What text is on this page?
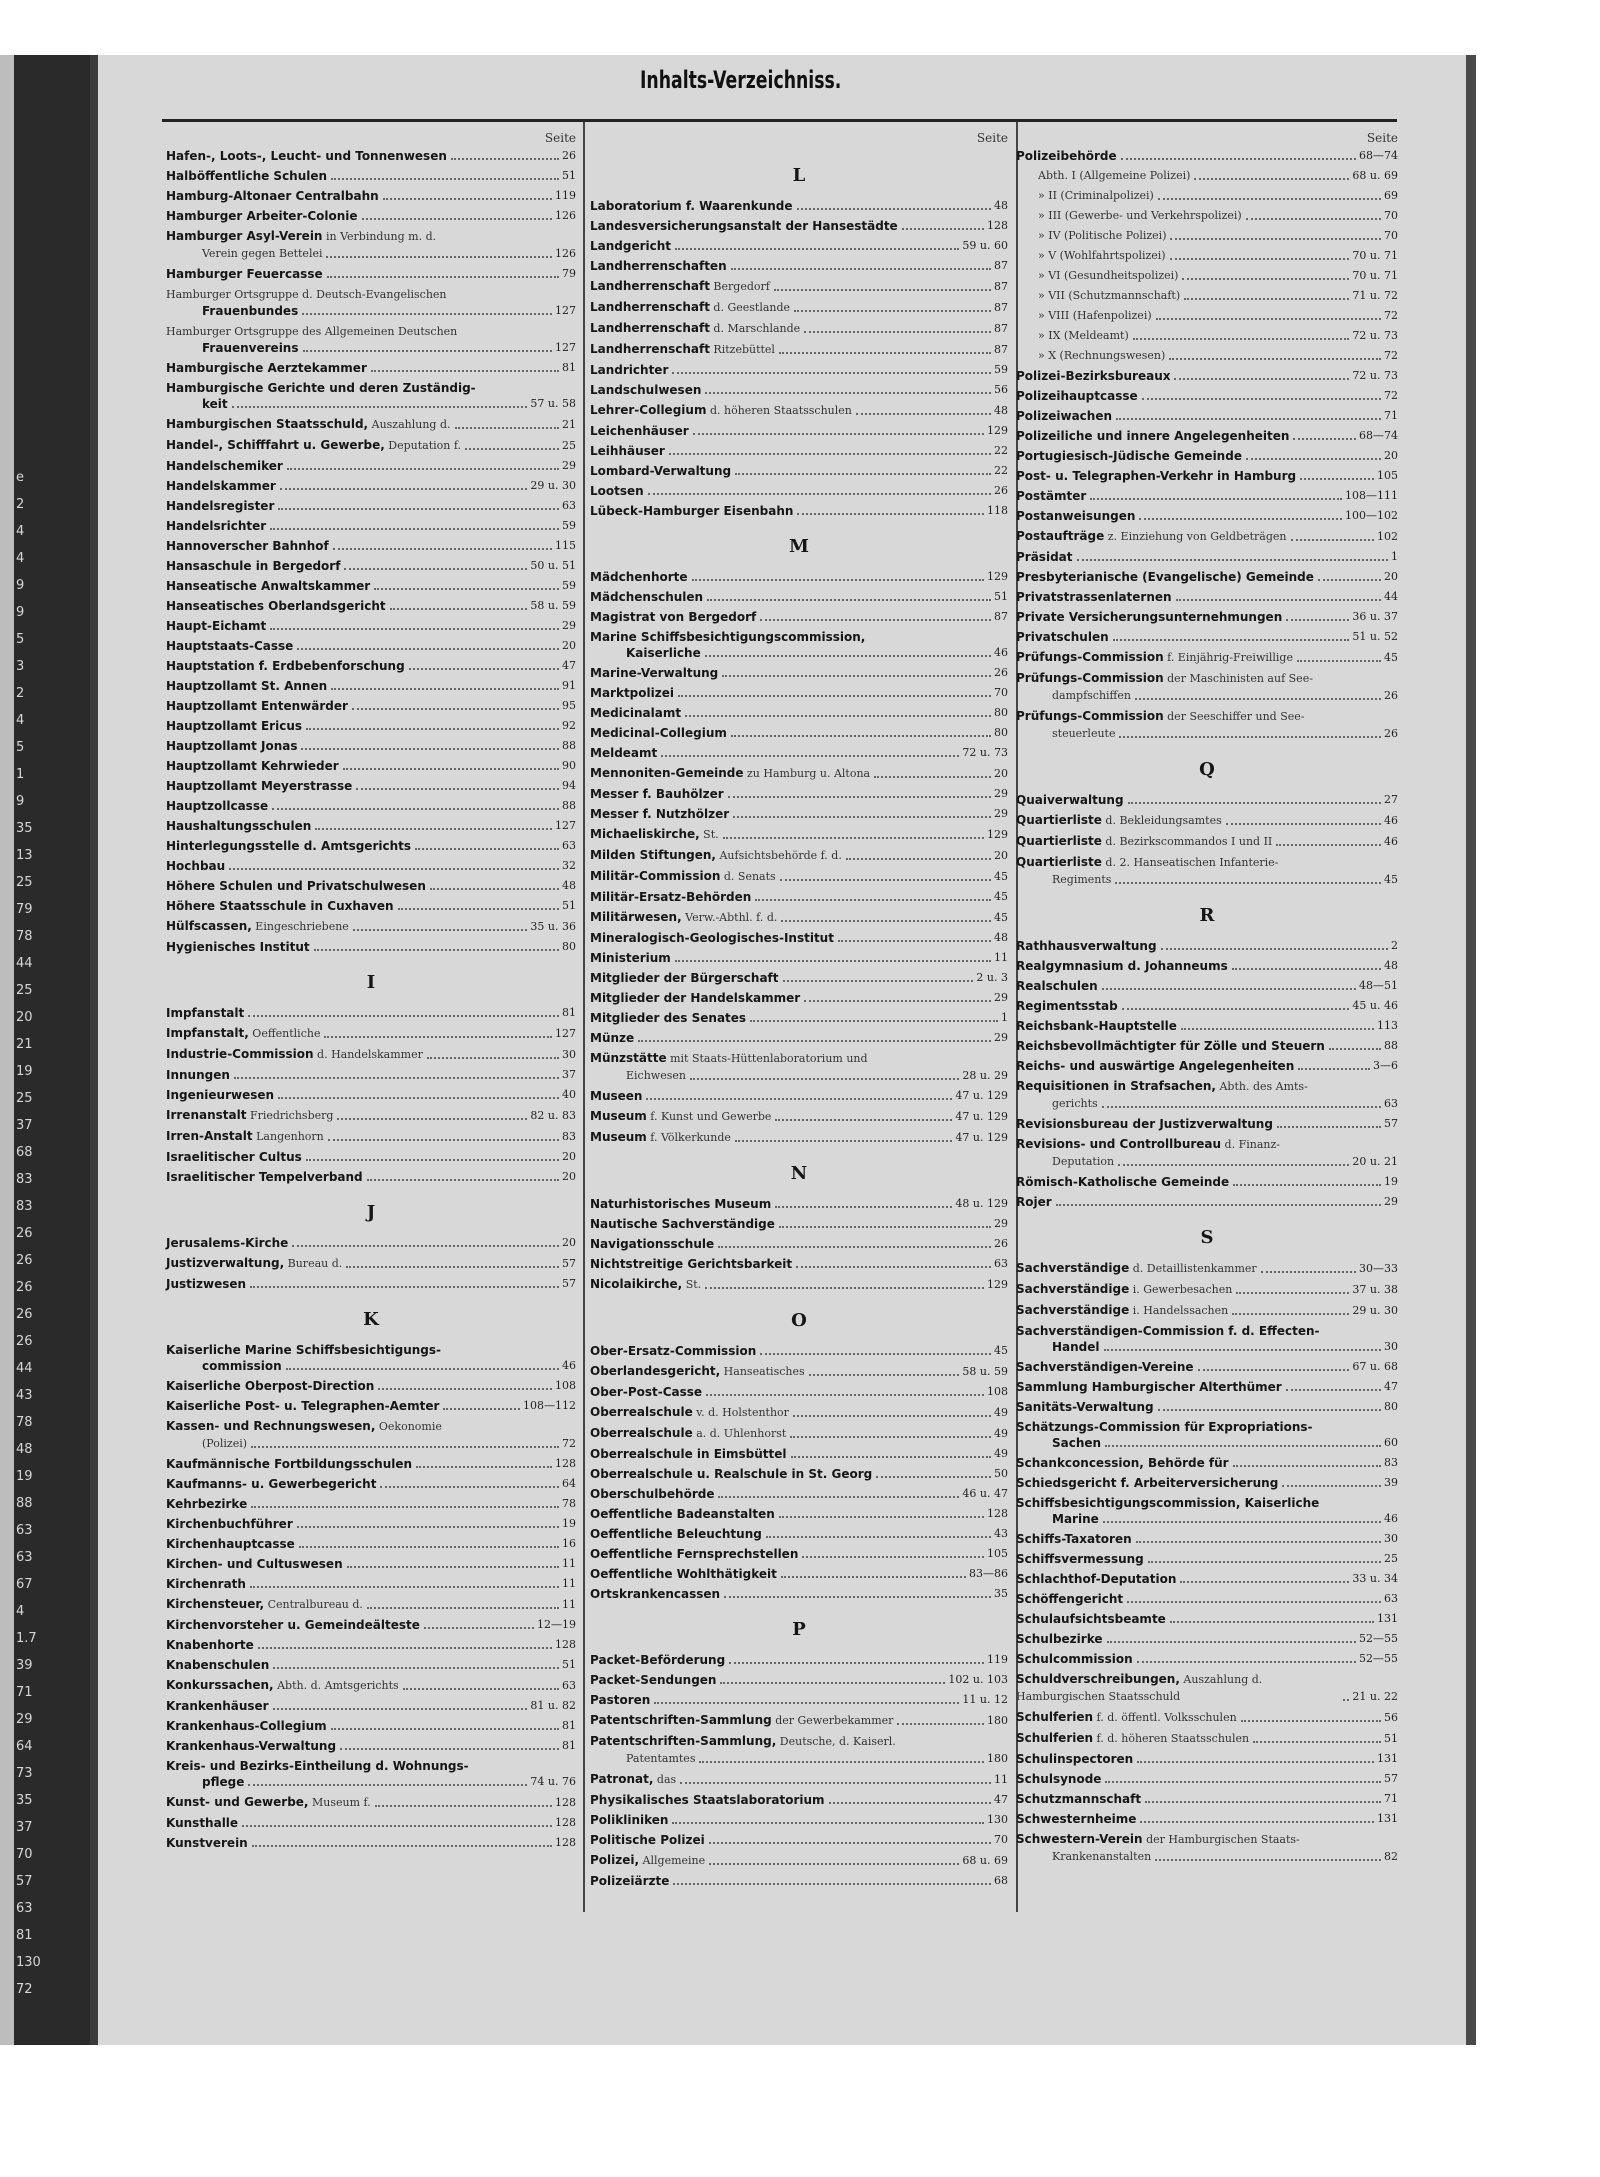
e
2
4
4
9
9
5
3
2
4
5
1
9
35
13
25
79
78
44
25
20
21
19
25
37
68
83
83
26
26
26
26
26
44
43
78
48
19
88
63
63
67
4
1.7
39
71
29
64
73
35
37
70
57
63
81
130
72
Inhalts-Verzeichniss.
Seite
Hafen-, Loots-, Leucht- und Tonnenwesen	26
Halböffentliche Schulen	51
Hamburg-Altonaer Centralbahn	119
Hamburger Arbeiter-Colonie	126
Hamburger Asyl-Verein in Verbindung m. d.
Verein gegen Bettelei	126
Hamburger Feuercasse	79
Hamburger Ortsgruppe d. Deutsch-Evangelischen
Frauenbundes	127
Hamburger Ortsgruppe des Allgemeinen Deutschen
Frauenvereins	127
Hamburgische Aerztekammer	81
Hamburgische Gerichte und deren Zuständig-
keit	57 u. 58
Hamburgischen Staatsschuld, Auszahlung d.	21
Handel-, Schifffahrt u. Gewerbe, Deputation f.	25
Handelschemiker	29
Handelskammer	29 u. 30
Handelsregister	63
Handelsrichter	59
Hannoverscher Bahnhof	115
Hansaschule in Bergedorf	50 u. 51
Hanseatische Anwaltskammer	59
Hanseatisches Oberlandsgericht	58 u. 59
Haupt-Eichamt	29
Hauptstaats-Casse	20
Hauptstation f. Erdbebenforschung	47
Hauptzollamt St. Annen	91
Hauptzollamt Entenwärder	95
Hauptzollamt Ericus	92
Hauptzollamt Jonas	88
Hauptzollamt Kehrwieder	90
Hauptzollamt Meyerstrasse	94
Hauptzollcasse	88
Haushaltungsschulen	127
Hinterlegungsstelle d. Amtsgerichts	63
Hochbau	32
Höhere Schulen und Privatschulwesen	48
Höhere Staatsschule in Cuxhaven	51
Hülfscassen, Eingeschriebene	35 u. 36
Hygienisches Institut	80
I
Impfanstalt	81
Impfanstalt, Oeffentliche	127
Industrie-Commission d. Handelskammer	30
Innungen	37
Ingenieurwesen	40
Irrenanstalt Friedrichsberg	82 u. 83
Irren-Anstalt Langenhorn	83
Israelitischer Cultus	20
Israelitischer Tempelverband	20
J
Jerusalems-Kirche	20
Justizverwaltung, Bureau d.	57
Justizwesen	57
K
Kaiserliche Marine Schiffsbesichtigungs-
commission	46
Kaiserliche Oberpost-Direction	108
Kaiserliche Post- u. Telegraphen-Aemter	108—112
Kassen- und Rechnungswesen, Oekonomie
(Polizei)	72
Kaufmännische Fortbildungsschulen	128
Kaufmanns- u. Gewerbegericht	64
Kehrbezirke	78
Kirchenbuchführer	19
Kirchenhauptcasse	16
Kirchen- und Cultuswesen	11
Kirchenrath	11
Kirchensteuer, Centralbureau d.	11
Kirchenvorsteher u. Gemeindeälteste	12—19
Knabenhorte	128
Knabenschulen	51
Konkurssachen, Abth. d. Amtsgerichts	63
Krankenhäuser	81 u. 82
Krankenhaus-Collegium	81
Krankenhaus-Verwaltung	81
Kreis- und Bezirks-Eintheilung d. Wohnungs-
pflege	74 u. 76
Kunst- und Gewerbe, Museum f.	128
Kunsthalle	128
Kunstverein	128
Seite
L
Laboratorium f. Waarenkunde	48
Landesversicherungsanstalt der Hansestädte	128
Landgericht	59 u. 60
Landherrenschaften	87
Landherrenschaft Bergedorf	87
Landherrenschaft d. Geestlande	87
Landherrenschaft d. Marschlande	87
Landherrenschaft Ritzebüttel	87
Landrichter	59
Landschulwesen	56
Lehrer-Collegium d. höheren Staatsschulen	48
Leichenhäuser	129
Leihhäuser	22
Lombard-Verwaltung	22
Lootsen	26
Lübeck-Hamburger Eisenbahn	118
M
Mädchenhorte	129
Mädchenschulen	51
Magistrat von Bergedorf	87
Marine Schiffsbesichtigungscommission,
Kaiserliche	46
Marine-Verwaltung	26
Marktpolizei	70
Medicinalamt	80
Medicinal-Collegium	80
Meldeamt	72 u. 73
Mennoniten-Gemeinde zu Hamburg u. Altona	20
Messer f. Bauhölzer	29
Messer f. Nutzhölzer	29
Michaeliskirche, St.	129
Milden Stiftungen, Aufsichtsbehörde f. d.	20
Militär-Commission d. Senats	45
Militär-Ersatz-Behörden	45
Militärwesen, Verw.-Abthl. f. d.	45
Mineralogisch-Geologisches-Institut	48
Ministerium	11
Mitglieder der Bürgerschaft	2 u. 3
Mitglieder der Handelskammer	29
Mitglieder des Senates	1
Münze	29
Münzstätte mit Staats-Hüttenlaboratorium und
Eichwesen	28 u. 29
Museen	47 u. 129
Museum f. Kunst und Gewerbe	47 u. 129
Museum f. Völkerkunde	47 u. 129
N
Naturhistorisches Museum	48 u. 129
Nautische Sachverständige	29
Navigationsschule	26
Nichtstreitige Gerichtsbarkeit	63
Nicolaikirche, St.	129
O
Ober-Ersatz-Commission	45
Oberlandesgericht, Hanseatisches	58 u. 59
Ober-Post-Casse	108
Oberrealschule v. d. Holstenthor	49
Oberrealschule a. d. Uhlenhorst	49
Oberrealschule in Eimsbüttel	49
Oberrealschule u. Realschule in St. Georg	50
Oberschulbehörde	46 u. 47
Oeffentliche Badeanstalten	128
Oeffentliche Beleuchtung	43
Oeffentliche Fernsprechstellen	105
Oeffentliche Wohlthätigkeit	83—86
Ortskrankencassen	35
P
Packet-Beförderung	119
Packet-Sendungen	102 u. 103
Pastoren	11 u. 12
Patentschriften-Sammlung der Gewerbekammer	180
Patentschriften-Sammlung, Deutsche, d. Kaiserl.
Patentamtes	180
Patronat, das	11
Physikalisches Staatslaboratorium	47
Polikliniken	130
Politische Polizei	70
Polizei, Allgemeine	68 u. 69
Polizeiärzte	68
Seite
Polizeibehörde	68—74
Abth. I (Allgemeine Polizei)	68 u. 69
» II (Criminalpolizei)	69
» III (Gewerbe- und Verkehrspolizei)	70
» IV (Politische Polizei)	70
» V (Wohlfahrtspolizei)	70 u. 71
» VI (Gesundheitspolizei)	70 u. 71
» VII (Schutzmannschaft)	71 u. 72
» VIII (Hafenpolizei)	72
» IX (Meldeamt)	72 u. 73
» X (Rechnungswesen)	72
Polizei-Bezirksbureaux	72 u. 73
Polizeihauptcasse	72
Polizeiwachen	71
Polizeiliche und innere Angelegenheiten	68—74
Portugiesisch-Jüdische Gemeinde	20
Post- u. Telegraphen-Verkehr in Hamburg	105
Postämter	108—111
Postanweisungen	100—102
Postaufträge z. Einziehung von Geldbeträgen	102
Präsidat	1
Presbyterianische (Evangelische) Gemeinde	20
Privatstrassenlaternen	44
Private Versicherungsunternehmungen	36 u. 37
Privatschulen	51 u. 52
Prüfungs-Commission f. Einjährig-Freiwillige	45
Prüfungs-Commission der Maschinisten auf See-
dampfschiffen	26
Prüfungs-Commission der Seeschiffer und See-
steuerleute	26
Q
Quaiverwaltung	27
Quartierliste d. Bekleidungsamtes	46
Quartierliste d. Bezirkscommandos I und II	46
Quartierliste d. 2. Hanseatischen Infanterie-
Regiments	45
R
Rathhausverwaltung	2
Realgymnasium d. Johanneums	48
Realschulen	48—51
Regimentsstab	45 u. 46
Reichsbank-Hauptstelle	113
Reichsbevollmächtigter für Zölle und Steuern	88
Reichs- und auswärtige Angelegenheiten	3—6
Requisitionen in Strafsachen, Abth. des Amts-
gerichts	63
Revisionsbureau der Justizverwaltung	57
Revisions- und Controllbureau d. Finanz-
Deputation	20 u. 21
Römisch-Katholische Gemeinde	19
Rojer	29
S
Sachverständige d. Detaillistenkammer	30—33
Sachverständige i. Gewerbesachen	37 u. 38
Sachverständige i. Handelssachen	29 u. 30
Sachverständigen-Commission f. d. Effecten-
Handel	30
Sachverständigen-Vereine	67 u. 68
Sammlung Hamburgischer Alterthümer	47
Sanitäts-Verwaltung	80
Schätzungs-Commission für Expropriations-
Sachen	60
Schankconcession, Behörde für	83
Schiedsgericht f. Arbeiterversicherung	39
Schiffsbesichtigungscommission, Kaiserliche
Marine	46
Schiffs-Taxatoren	30
Schiffsvermessung	25
Schlachthof-Deputation	33 u. 34
Schöffengericht	63
Schulaufsichtsbeamte	131
Schulbezirke	52—55
Schulcommission	52—55
Schuldverschreibungen, Auszahlung d. Hamburgischen Staatsschuld	21 u. 22
Schulferien f. d. öffentl. Volksschulen	56
Schulferien f. d. höheren Staatsschulen	51
Schulinspectoren	131
Schulsynode	57
Schutzmannschaft	71
Schwesternheime	131
Schwestern-Verein der Hamburgischen Staats-
Krankenanstalten	82
